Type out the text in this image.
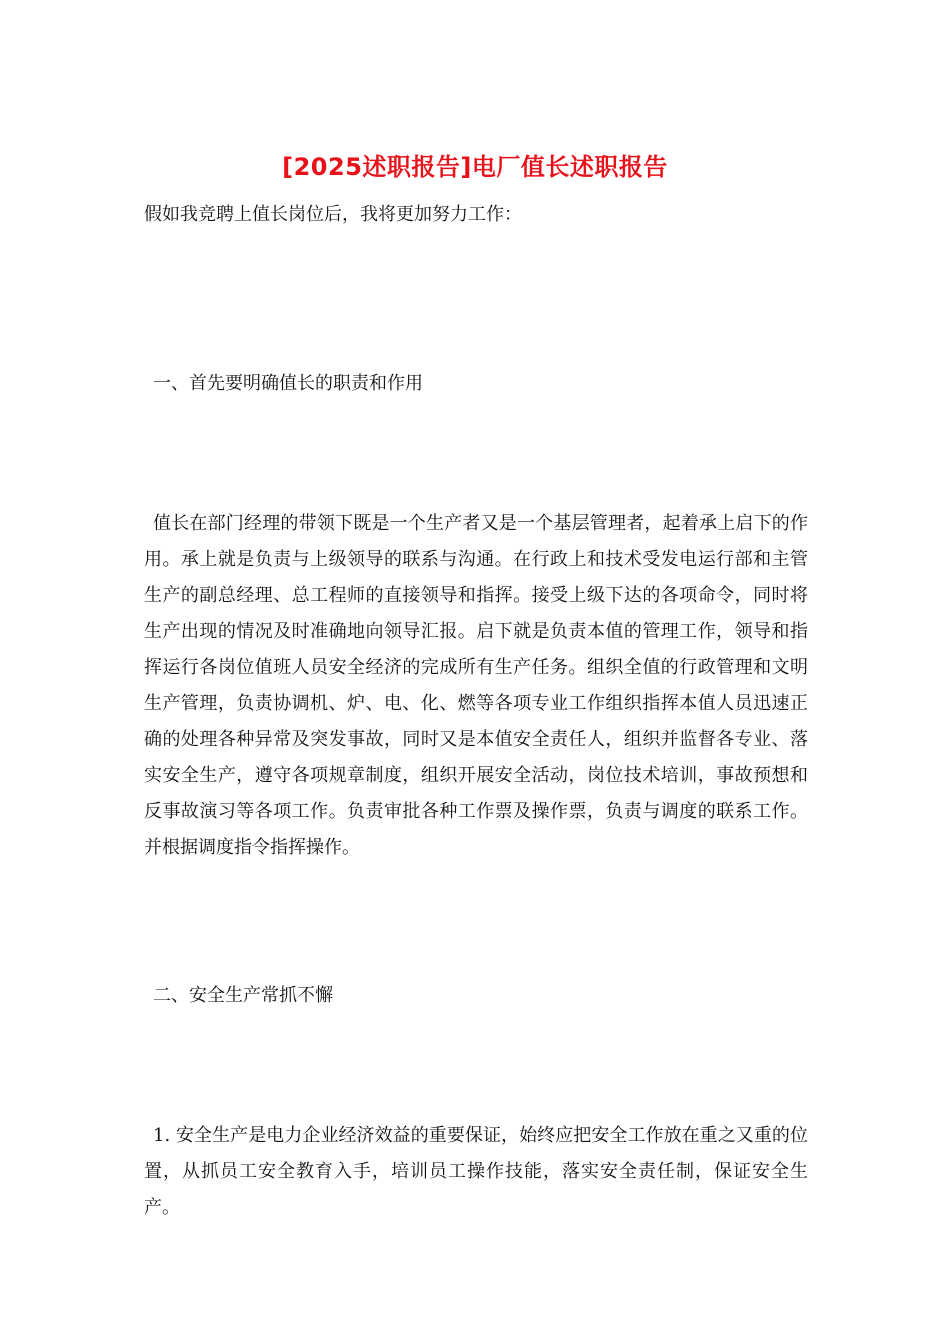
[2025述职报告]电厂值长述职报告

假如我竞聘上值长岗位后，我将更加努力工作：

一、首先要明确值长的职责和作用

值长在部门经理的带领下既是一个生产者又是一个基层管理者，起着承上启下的作用。承上就是负责与上级领导的联系与沟通。在行政上和技术受发电运行部和主管生产的副总经理、总工程师的直接领导和指挥。接受上级下达的各项命令，同时将生产出现的情况及时准确地向领导汇报。启下就是负责本值的管理工作，领导和指挥运行各岗位值班人员安全经济的完成所有生产任务。组织全值的行政管理和文明生产管理，负责协调机、炉、电、化、燃等各项专业工作组织指挥本值人员迅速正确的处理各种异常及突发事故，同时又是本值安全责任人，组织并监督各专业、落实安全生产，遵守各项规章制度，组织开展安全活动，岗位技术培训，事故预想和反事故演习等各项工作。负责审批各种工作票及操作票，负责与调度的联系工作。并根据调度指令指挥操作。

二、安全生产常抓不懈

1. 安全生产是电力企业经济效益的重要保证，始终应把安全工作放在重之又重的位置，从抓员工安全教育入手，培训员工操作技能，落实安全责任制，保证安全生产。
